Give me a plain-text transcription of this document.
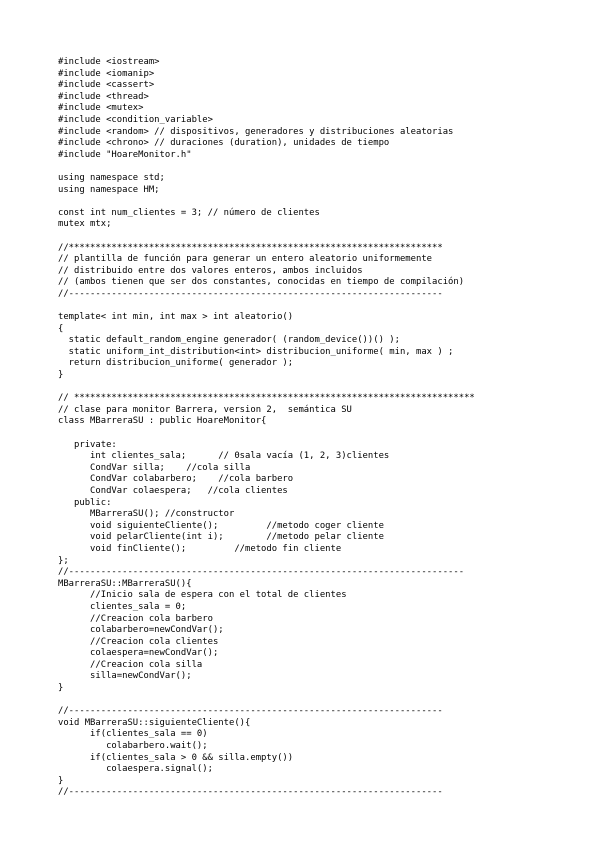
#include <iostream>
#include <iomanip>
#include <cassert>
#include <thread>
#include <mutex>
#include <condition_variable>
#include <random> // dispositivos, generadores y distribuciones aleatorias
#include <chrono> // duraciones (duration), unidades de tiempo
#include "HoareMonitor.h"

using namespace std;
using namespace HM;

const int num_clientes = 3; // número de clientes
mutex mtx;

//**********************************************************************
// plantilla de función para generar un entero aleatorio uniformemente
// distribuido entre dos valores enteros, ambos incluidos
// (ambos tienen que ser dos constantes, conocidas en tiempo de compilación)
//----------------------------------------------------------------------

template< int min, int max > int aleatorio()
{
static default_random_engine generador( (random_device())() );
static uniform_int_distribution<int> distribucion_uniforme( min, max ) ;
return distribucion_uniforme( generador );
}

// ***************************************************************************
// clase para monitor Barrera, version 2,  semántica SU
class MBarreraSU : public HoareMonitor{

private:
int clientes_sala;      // 0sala vacía (1, 2, 3)clientes
CondVar silla;    //cola silla
CondVar colabarbero;    //cola barbero
CondVar colaespera;   //cola clientes
public:
MBarreraSU(); //constructor
void siguienteCliente();         //metodo coger cliente
void pelarCliente(int i);        //metodo pelar cliente
void finCliente();         //metodo fin cliente
};
//--------------------------------------------------------------------------
MBarreraSU::MBarreraSU(){
//Inicio sala de espera con el total de clientes
clientes_sala = 0;
//Creacion cola barbero
colabarbero=newCondVar();
//Creacion cola clientes
colaespera=newCondVar();
//Creacion cola silla
silla=newCondVar();
}

//----------------------------------------------------------------------
void MBarreraSU::siguienteCliente(){
if(clientes_sala == 0)
colabarbero.wait();
if(clientes_sala > 0 && silla.empty())
colaespera.signal();
}
//----------------------------------------------------------------------
